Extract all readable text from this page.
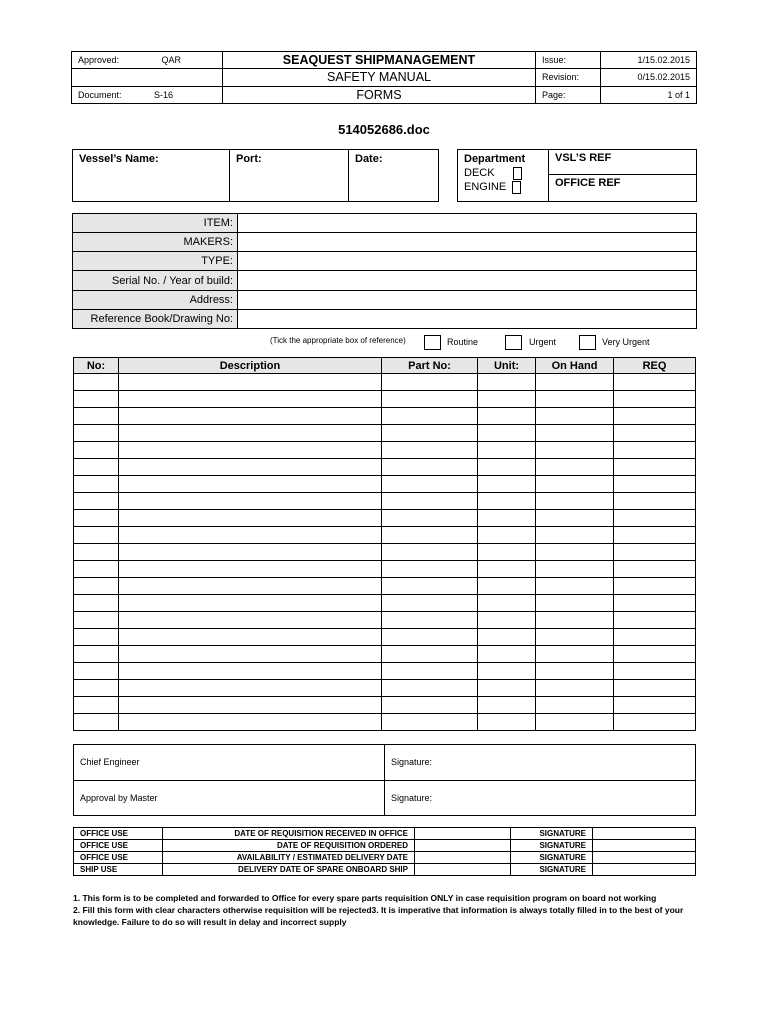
Approved: QAR	SEAQUEST SHIPMANAGEMENT	Issue:	1/15.02.2015
	SAFETY MANUAL	Revision:	0/15.02.2015
Document: S-16	FORMS	Page:	1 of 1
514052686.doc
Vessel’s Name:	Port:	Date:	Department
DECK
ENGINE
	VSL’S REF
OFFICE REF
ITEM:	
MAKERS:	
TYPE:	
Serial No. / Year of build:	
Address:	
Reference Book/Drawing No:	
(Tick the appropriate box of reference)	Routine	Urgent	Very Urgent
No:	Description	Part No:	Unit:	On Hand	REQ

Chief Engineer	Signature:
Approval by Master	Signature:
OFFICE USE	DATE OF REQUISITION RECEIVED IN OFFICE		SIGNATURE	
OFFICE USE	DATE OF REQUISITION ORDERED		SIGNATURE	
OFFICE USE	AVAILABILITY / ESTIMATED DELIVERY DATE		SIGNATURE	
SHIP USE	DELIVERY DATE OF SPARE ONBOARD SHIP		SIGNATURE	
1. This form is to be completed and forwarded to Office for every spare parts requisition ONLY in case requisition program on board not working
2. Fill this form with clear characters otherwise requisition will be rejected3. It is imperative that information is always totally filled in to the best of your knowledge. Failure to do so will result in delay and incorrect supply
